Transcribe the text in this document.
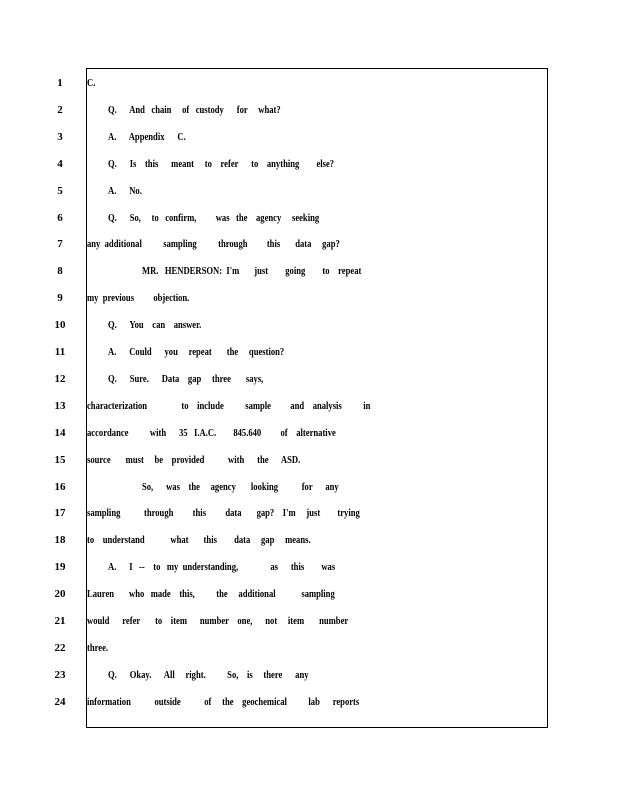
1	C.
2	Q.      And   chain     of   custody      for     what?
3	A.      Appendix      C.
4	Q.      Is    this      meant     to    refer      to    anything        else?
5	A.      No.
6	Q.      So,     to   confirm,         was   the    agency     seeking
7	any  additional          sampling          through         this       data     gap?
8	MR.   HENDERSON:  I'm       just        going        to    repeat
9	my  previous         objection.
10	Q.      You    can    answer.
11	A.      Could      you     repeat       the     question?
12	Q.      Sure.      Data    gap     three       says,
13	characterization                to    include          sample         and    analysis          in
14	accordance          with      35   I.A.C.        845.640         of    alternative
15	source       must     be    provided           with      the      ASD.
16	So,      was    the     agency       looking           for      any
17	sampling           through         this         data       gap?    I'm     just        trying
18	to    understand            what       this        data     gap     means.
19	A.      I   --    to   my  understanding,               as      this        was
20	Lauren       who   made    this,          the     additional            sampling
21	would      refer       to    item      number    one,      not     item       number
22	three.
23	Q.      Okay.      All     right.          So,    is     there      any
24	information           outside           of     the    geochemical          lab      reports
